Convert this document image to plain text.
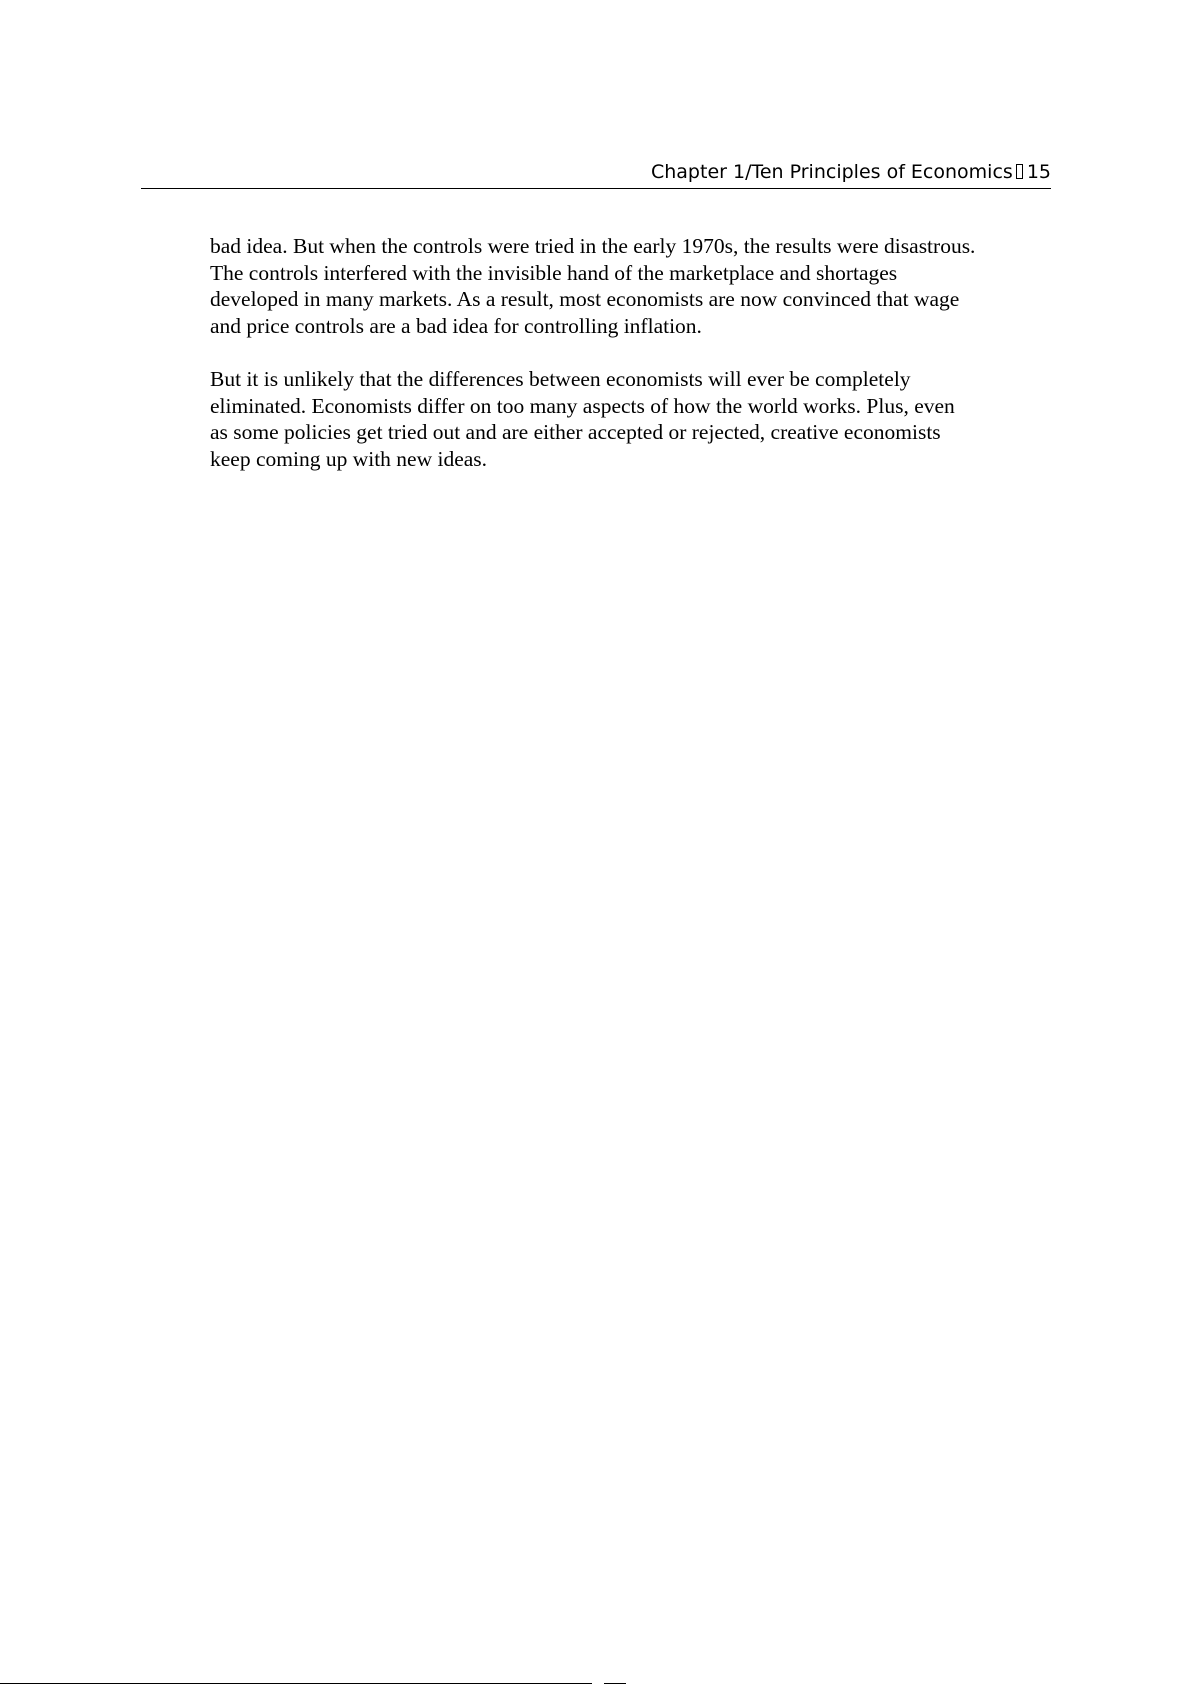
Chapter 1/Ten Principles of Economics 15

bad idea. But when the controls were tried in the early 1970s, the results were disastrous.
The controls interfered with the invisible hand of the marketplace and shortages
developed in many markets. As a result, most economists are now convinced that wage
and price controls are a bad idea for controlling inflation.

But it is unlikely that the differences between economists will ever be completely
eliminated. Economists differ on too many aspects of how the world works. Plus, even
as some policies get tried out and are either accepted or rejected, creative economists
keep coming up with new ideas.
